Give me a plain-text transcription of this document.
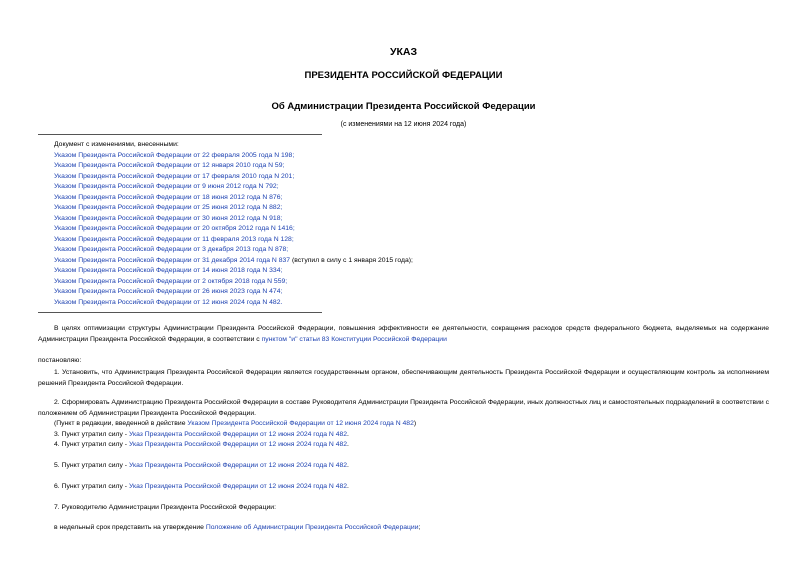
УКАЗ
ПРЕЗИДЕНТА РОССИЙСКОЙ ФЕДЕРАЦИИ
Об Администрации Президента Российской Федерации
(с изменениями на 12 июня 2024 года)
Документ с изменениями, внесенными:
Указом Президента Российской Федерации от 22 февраля 2005 года N 198;
Указом Президента Российской Федерации от 12 января 2010 года N 59;
Указом Президента Российской Федерации от 17 февраля 2010 года N 201;
Указом Президента Российской Федерации от 9 июня 2012 года N 792;
Указом Президента Российской Федерации от 18 июня 2012 года N 876;
Указом Президента Российской Федерации от 25 июня 2012 года N 882;
Указом Президента Российской Федерации от 30 июня 2012 года N 918;
Указом Президента Российской Федерации от 20 октября 2012 года N 1416;
Указом Президента Российской Федерации от 11 февраля 2013 года N 128;
Указом Президента Российской Федерации от 3 декабря 2013 года N 878;
Указом Президента Российской Федерации от 31 декабря 2014 года N 837 (вступил в силу с 1 января 2015 года);
Указом Президента Российской Федерации от 14 июня 2018 года N 334;
Указом Президента Российской Федерации от 2 октября 2018 года N 559;
Указом Президента Российской Федерации от 26 июня 2023 года N 474;
Указом Президента Российской Федерации от 12 июня 2024 года N 482.
В целях оптимизации структуры Администрации Президента Российской Федерации, повышения эффективности ее деятельности, сокращения расходов средств федерального бюджета, выделяемых на содержание Администрации Президента Российской Федерации, в соответствии с пунктом "и" статьи 83 Конституции Российской Федерации
постановляю:
1. Установить, что Администрация Президента Российской Федерации является государственным органом, обеспечивающим деятельность Президента Российской Федерации и осуществляющим контроль за исполнением решений Президента Российской Федерации.
2. Сформировать Администрацию Президента Российской Федерации в составе Руководителя Администрации Президента Российской Федерации, иных должностных лиц и самостоятельных подразделений в соответствии с положением об Администрации Президента Российской Федерации.
(Пункт в редакции, введенной в действие Указом Президента Российской Федерации от 12 июня 2024 года N 482)
3. Пункт утратил силу - Указ Президента Российской Федерации от 12 июня 2024 года N 482.
4. Пункт утратил силу - Указ Президента Российской Федерации от 12 июня 2024 года N 482.
5. Пункт утратил силу - Указ Президента Российской Федерации от 12 июня 2024 года N 482.
6. Пункт утратил силу - Указ Президента Российской Федерации от 12 июня 2024 года N 482.
7. Руководителю Администрации Президента Российской Федерации:
в недельный срок представить на утверждение Положение об Администрации Президента Российской Федерации;
